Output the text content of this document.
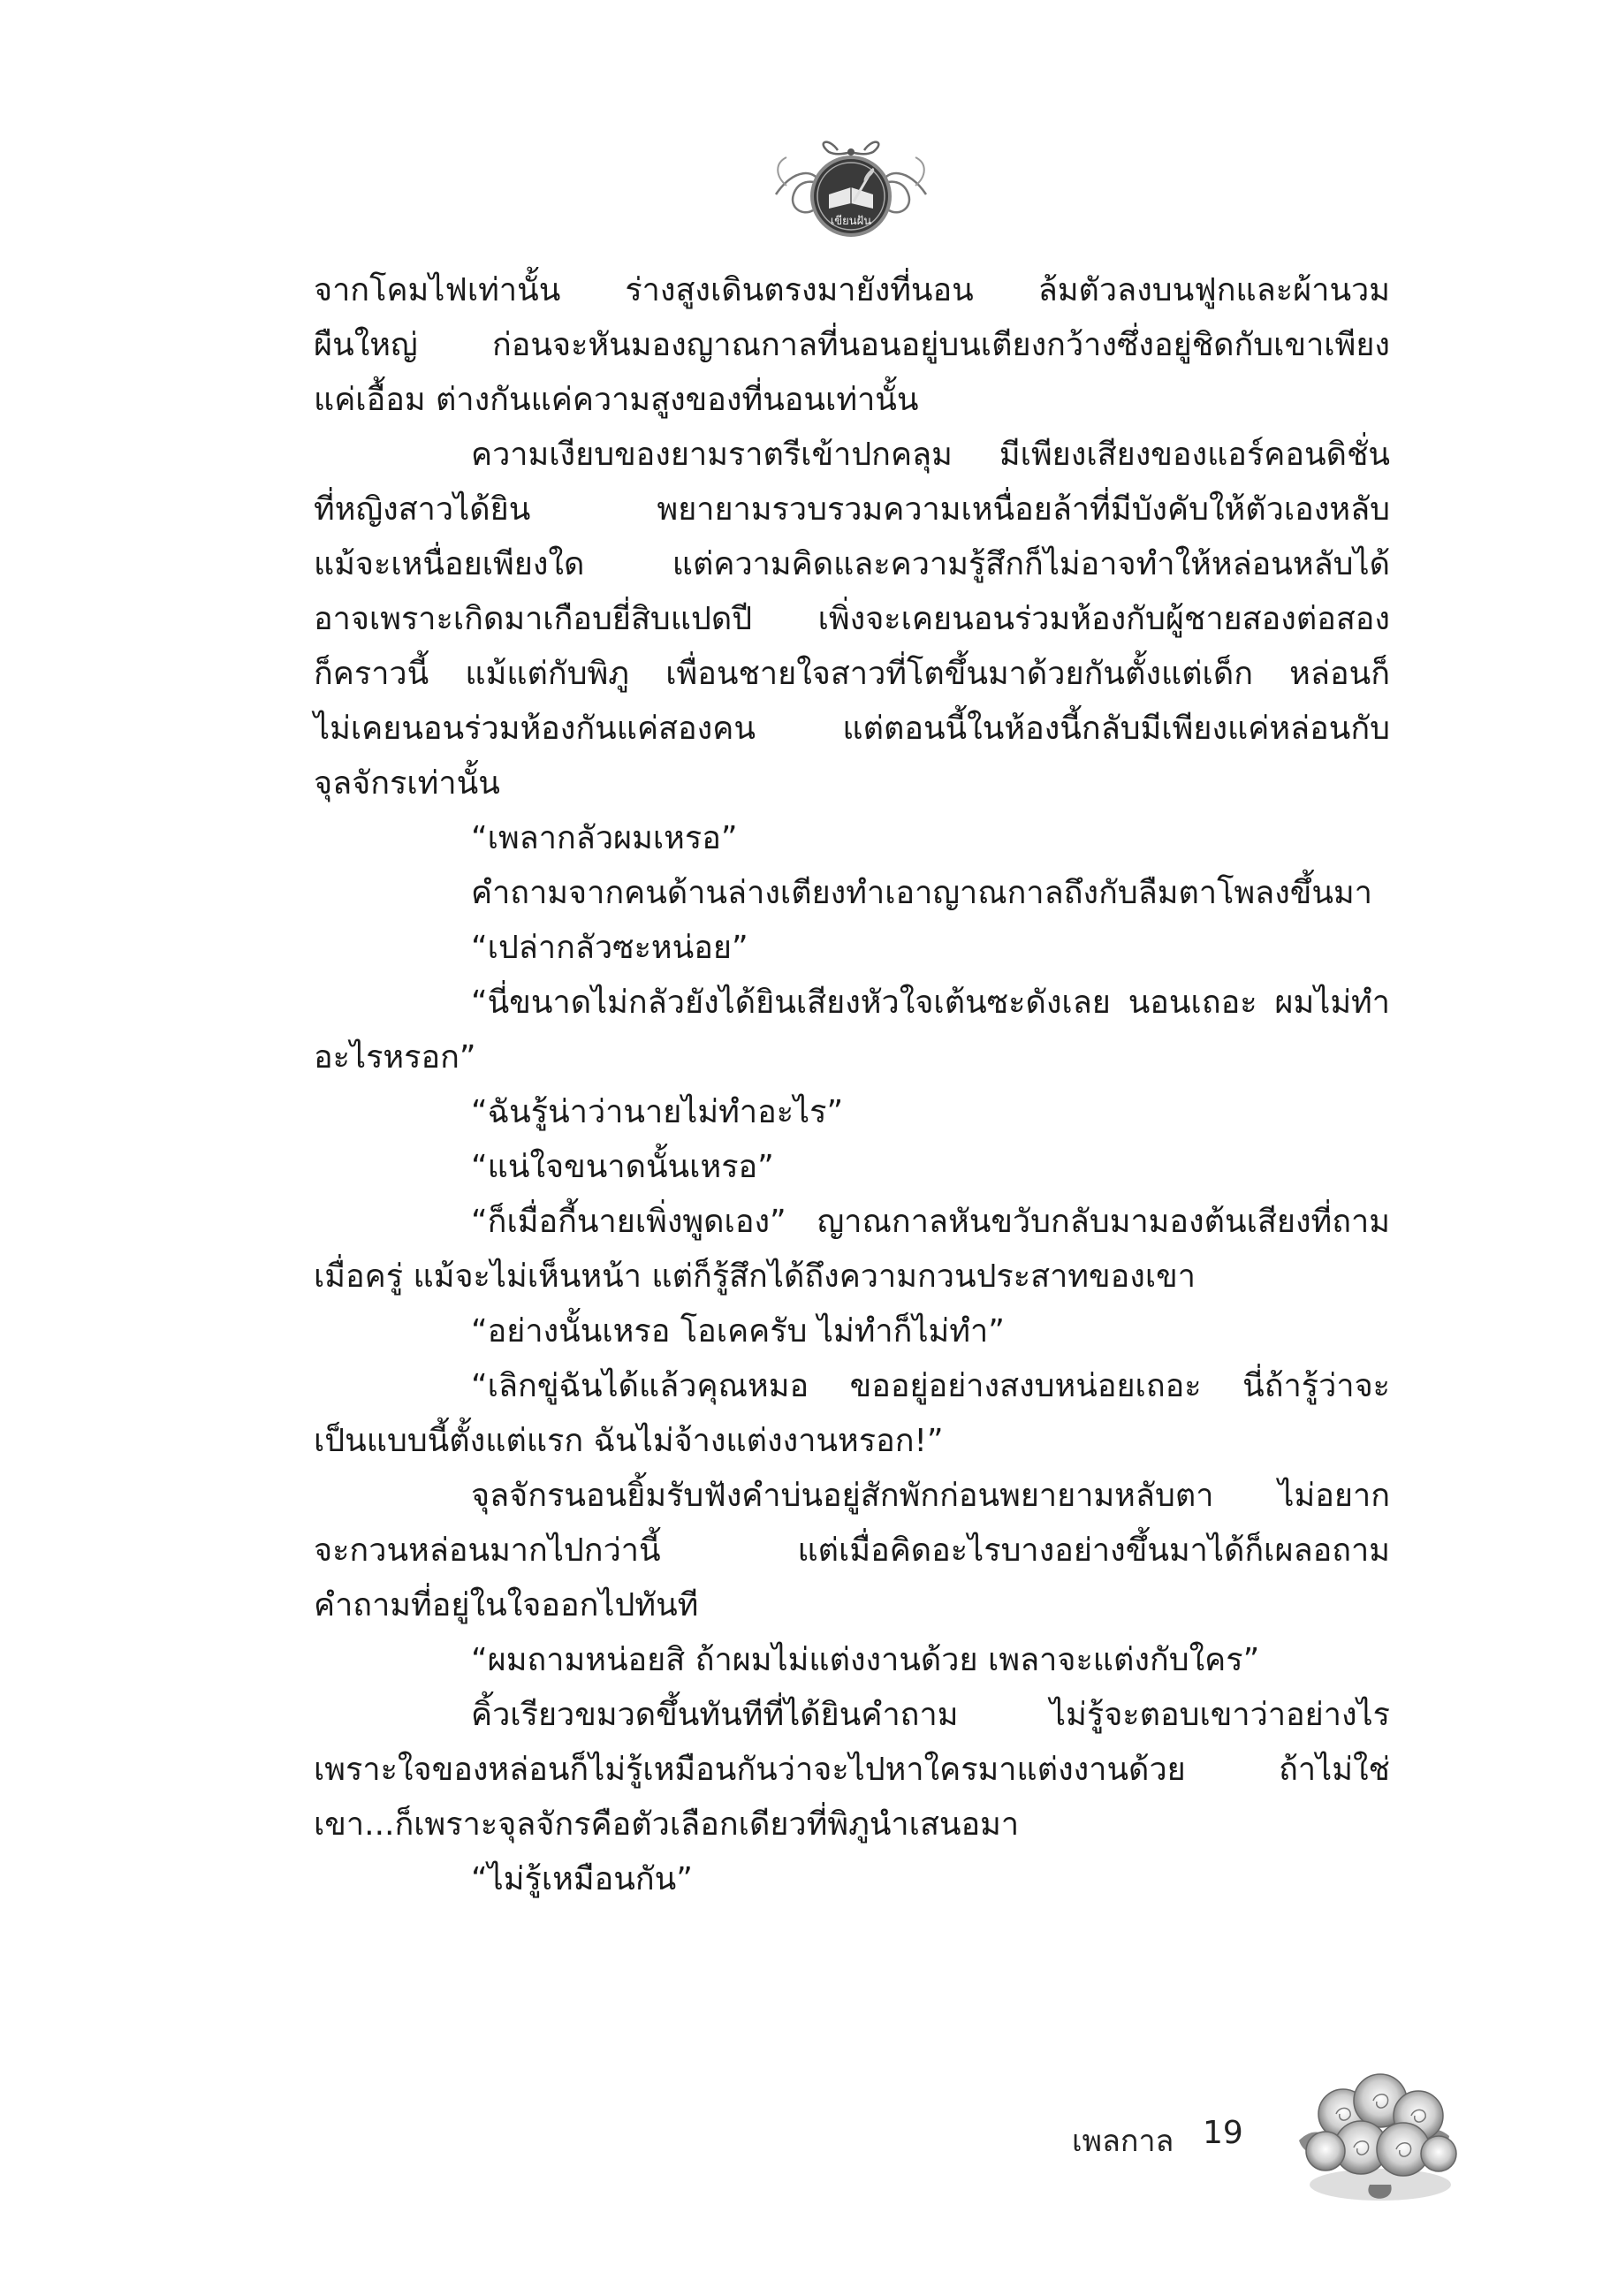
เขียนฝัน
จากโคมไฟเท่านั้น ร่างสูงเดินตรงมายังที่นอน ล้มตัวลงบนฟูกและผ้านวม
ผืนใหญ่ ก่อนจะหันมองญาณกาลที่นอนอยู่บนเตียงกว้างซึ่งอยู่ชิดกับเขาเพียง
แค่เอื้อม ต่างกันแค่ความสูงของที่นอนเท่านั้น
ความเงียบของยามราตรีเข้าปกคลุม มีเพียงเสียงของแอร์คอนดิชั่น
ที่หญิงสาวได้ยิน พยายามรวบรวมความเหนื่อยล้าที่มีบังคับให้ตัวเองหลับ
แม้จะเหนื่อยเพียงใด แต่ความคิดและความรู้สึกก็ไม่อาจทำให้หล่อนหลับได้
อาจเพราะเกิดมาเกือบยี่สิบแปดปี เพิ่งจะเคยนอนร่วมห้องกับผู้ชายสองต่อสอง
ก็คราวนี้ แม้แต่กับพิภู เพื่อนชายใจสาวที่โตขึ้นมาด้วยกันตั้งแต่เด็ก หล่อนก็
ไม่เคยนอนร่วมห้องกันแค่สองคน แต่ตอนนี้ในห้องนี้กลับมีเพียงแค่หล่อนกับ
จุลจักรเท่านั้น
“เพลากลัวผมเหรอ”
คำถามจากคนด้านล่างเตียงทำเอาญาณกาลถึงกับลืมตาโพลงขึ้นมา
“เปล่ากลัวซะหน่อย”
“นี่ขนาดไม่กลัวยังได้ยินเสียงหัวใจเต้นซะดังเลย นอนเถอะ ผมไม่ทำ
อะไรหรอก”
“ฉันรู้น่าว่านายไม่ทำอะไร”
“แน่ใจขนาดนั้นเหรอ”
“ก็เมื่อกี้นายเพิ่งพูดเอง” ญาณกาลหันขวับกลับมามองต้นเสียงที่ถาม
เมื่อครู่ แม้จะไม่เห็นหน้า แต่ก็รู้สึกได้ถึงความกวนประสาทของเขา
“อย่างนั้นเหรอ โอเคครับ ไม่ทำก็ไม่ทำ”
“เลิกขู่ฉันได้แล้วคุณหมอ ขออยู่อย่างสงบหน่อยเถอะ นี่ถ้ารู้ว่าจะ
เป็นแบบนี้ตั้งแต่แรก ฉันไม่จ้างแต่งงานหรอก!”
จุลจักรนอนยิ้มรับฟังคำบ่นอยู่สักพักก่อนพยายามหลับตา ไม่อยาก
จะกวนหล่อนมากไปกว่านี้ แต่เมื่อคิดอะไรบางอย่างขึ้นมาได้ก็เผลอถาม
คำถามที่อยู่ในใจออกไปทันที
“ผมถามหน่อยสิ ถ้าผมไม่แต่งงานด้วย เพลาจะแต่งกับใคร”
คิ้วเรียวขมวดขึ้นทันทีที่ได้ยินคำถาม ไม่รู้จะตอบเขาว่าอย่างไร
เพราะใจของหล่อนก็ไม่รู้เหมือนกันว่าจะไปหาใครมาแต่งงานด้วย ถ้าไม่ใช่
เขา...ก็เพราะจุลจักรคือตัวเลือกเดียวที่พิภูนำเสนอมา
“ไม่รู้เหมือนกัน”
เพลกาล 19
